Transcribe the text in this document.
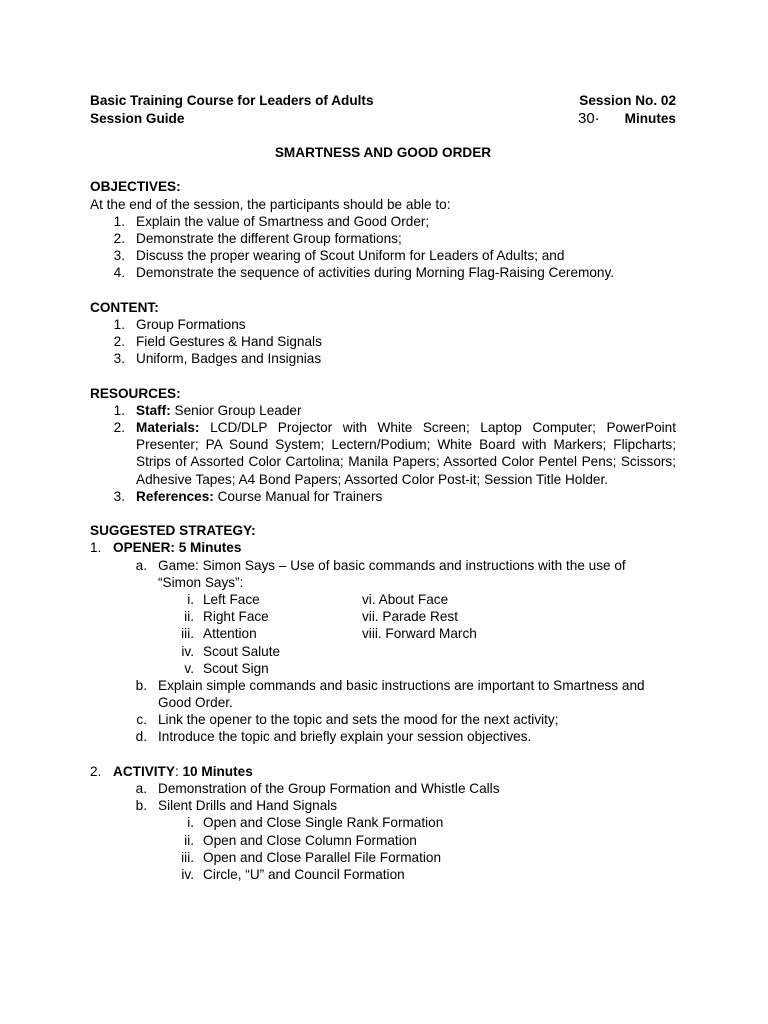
Basic Training Course for Leaders of Adults	Session No. 02
Session Guide	30· Minutes
SMARTNESS AND GOOD ORDER
OBJECTIVES:
At the end of the session, the participants should be able to:
1. Explain the value of Smartness and Good Order;
2. Demonstrate the different Group formations;
3. Discuss the proper wearing of Scout Uniform for Leaders of Adults; and
4. Demonstrate the sequence of activities during Morning Flag-Raising Ceremony.
CONTENT:
1. Group Formations
2. Field Gestures & Hand Signals
3. Uniform, Badges and Insignias
RESOURCES:
1. Staff: Senior Group Leader
2. Materials: LCD/DLP Projector with White Screen; Laptop Computer; PowerPoint
Presenter; PA Sound System; Lectern/Podium; White Board with Markers; Flipcharts;
Strips of Assorted Color Cartolina; Manila Papers; Assorted Color Pentel Pens; Scissors;
Adhesive Tapes; A4 Bond Papers; Assorted Color Post-it; Session Title Holder.
3. References: Course Manual for Trainers
SUGGESTED STRATEGY:
1. OPENER: 5 Minutes
a. Game: Simon Says – Use of basic commands and instructions with the use of
“Simon Says”:
i. Left Face
ii. Right Face
iii. Attention
iv. Scout Salute
v. Scout Sign
vi. About Face
vii. Parade Rest
viii. Forward March
b. Explain simple commands and basic instructions are important to Smartness and
Good Order.
c. Link the opener to the topic and sets the mood for the next activity;
d. Introduce the topic and briefly explain your session objectives.
2. ACTIVITY: 10 Minutes
a. Demonstration of the Group Formation and Whistle Calls
b. Silent Drills and Hand Signals
i. Open and Close Single Rank Formation
ii. Open and Close Column Formation
iii. Open and Close Parallel File Formation
iv. Circle, “U” and Council Formation
